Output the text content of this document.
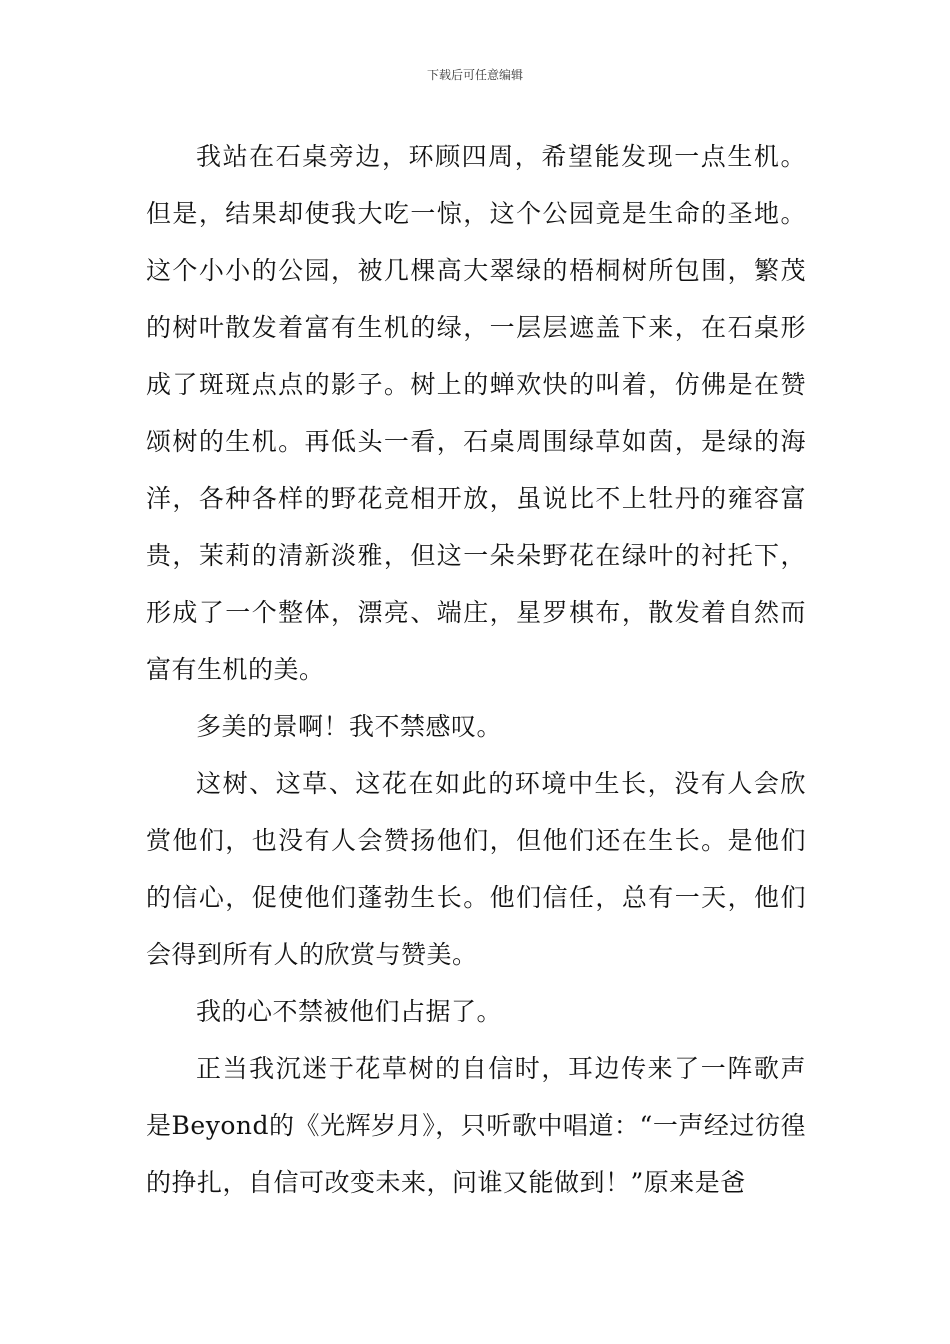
下载后可任意编辑

我站在石桌旁边，环顾四周，希望能发现一点生机。但是，结果却使我大吃一惊，这个公园竟是生命的圣地。这个小小的公园，被几棵高大翠绿的梧桐树所包围，繁茂的树叶散发着富有生机的绿，一层层遮盖下来，在石桌形成了斑斑点点的影子。树上的蝉欢快的叫着，仿佛是在赞颂树的生机。再低头一看，石桌周围绿草如茵，是绿的海洋，各种各样的野花竞相开放，虽说比不上牡丹的雍容富贵，茉莉的清新淡雅，但这一朵朵野花在绿叶的衬托下，形成了一个整体，漂亮、端庄，星罗棋布，散发着自然而富有生机的美。

多美的景啊！我不禁感叹。

这树、这草、这花在如此的环境中生长，没有人会欣赏他们，也没有人会赞扬他们，但他们还在生长。是他们的信心，促使他们蓬勃生长。他们信任，总有一天，他们会得到所有人的欣赏与赞美。

我的心不禁被他们占据了。

正当我沉迷于花草树的自信时，耳边传来了一阵歌声是Beyond的《光辉岁月》，只听歌中唱道：“一声经过彷徨的挣扎，自信可改变未来，问谁又能做到！”原来是爸
